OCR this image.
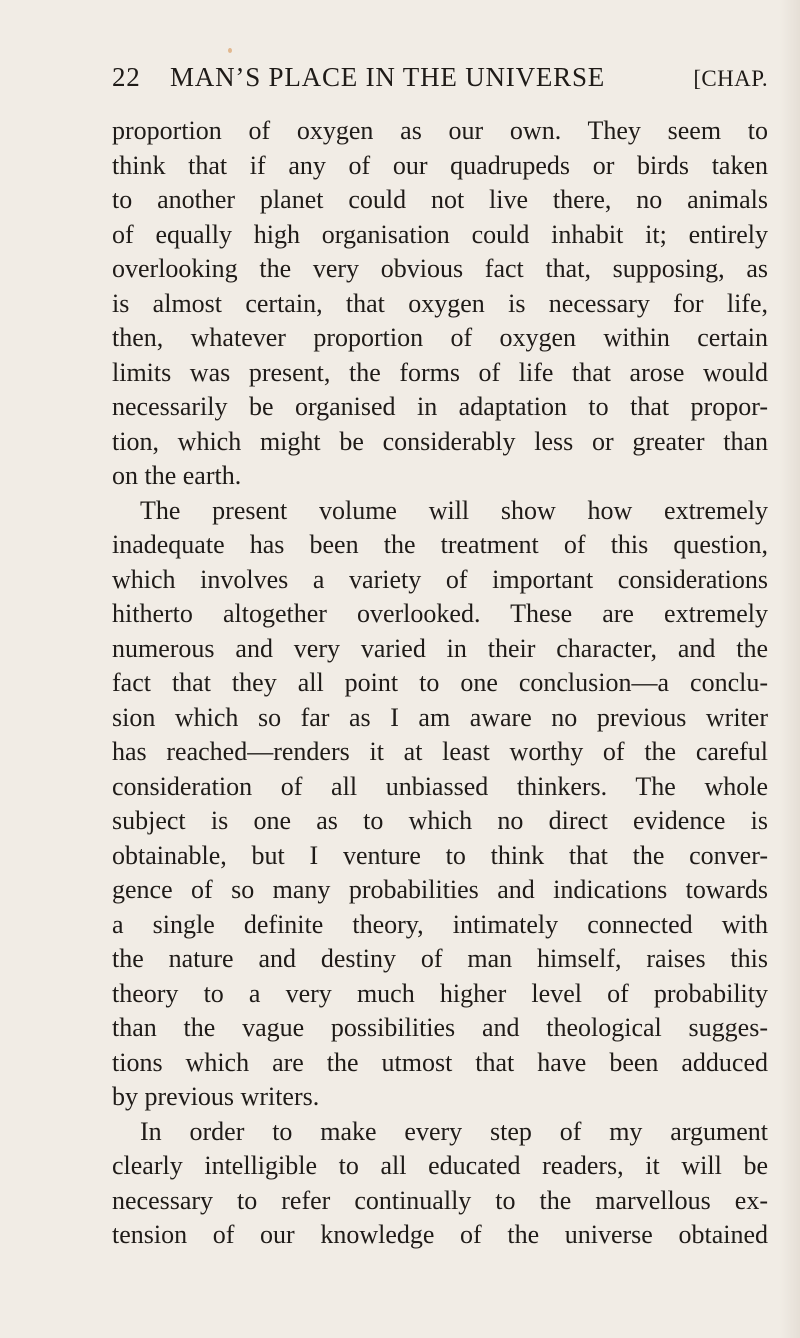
22	MAN’S PLACE IN THE UNIVERSE	[CHAP.
proportion of oxygen as our own. They seem to
think that if any of our quadrupeds or birds taken
to another planet could not live there, no animals
of equally high organisation could inhabit it; entirely
overlooking the very obvious fact that, supposing, as
is almost certain, that oxygen is necessary for life,
then, whatever proportion of oxygen within certain
limits was present, the forms of life that arose would
necessarily be organised in adaptation to that propor-
tion, which might be considerably less or greater than
on the earth.
The present volume will show how extremely
inadequate has been the treatment of this question,
which involves a variety of important considerations
hitherto altogether overlooked. These are extremely
numerous and very varied in their character, and the
fact that they all point to one conclusion—a conclu-
sion which so far as I am aware no previous writer
has reached—renders it at least worthy of the careful
consideration of all unbiassed thinkers. The whole
subject is one as to which no direct evidence is
obtainable, but I venture to think that the conver-
gence of so many probabilities and indications towards
a single definite theory, intimately connected with
the nature and destiny of man himself, raises this
theory to a very much higher level of probability
than the vague possibilities and theological sugges-
tions which are the utmost that have been adduced
by previous writers.
In order to make every step of my argument
clearly intelligible to all educated readers, it will be
necessary to refer continually to the marvellous ex-
tension of our knowledge of the universe obtained
